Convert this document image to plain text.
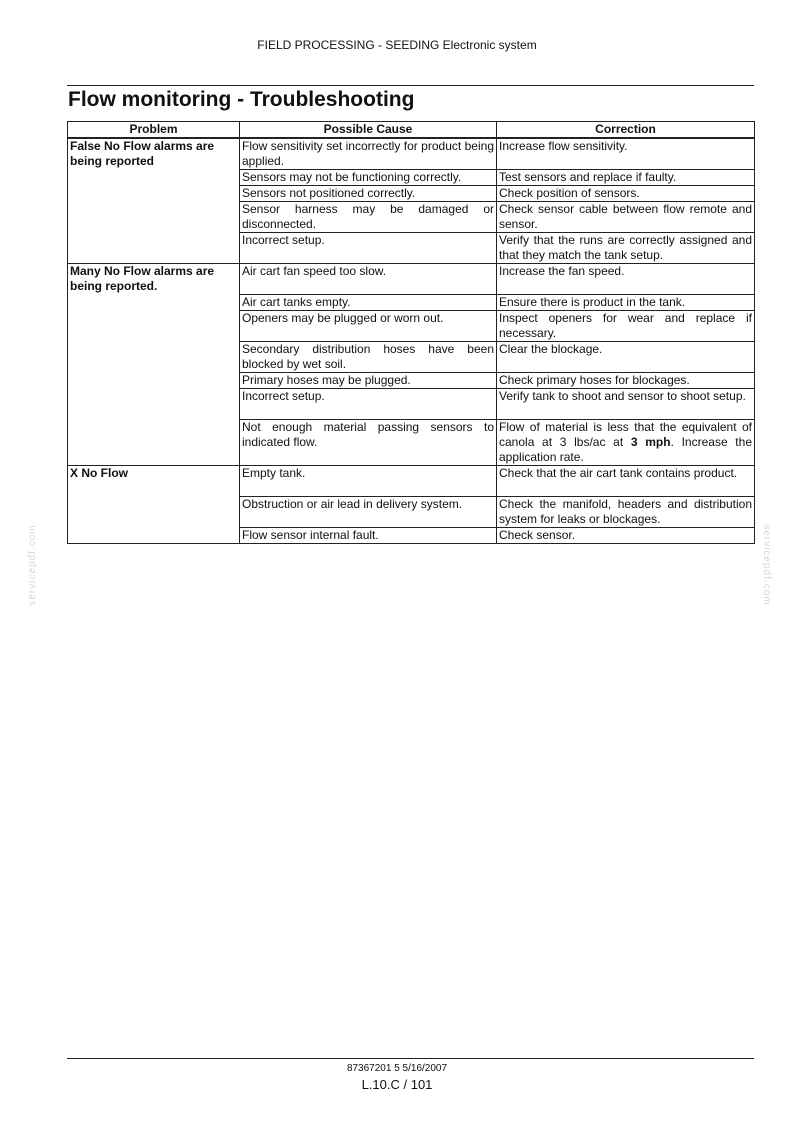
FIELD PROCESSING - SEEDING Electronic system
Flow monitoring - Troubleshooting
Problem	Possible Cause	Correction
False No Flow alarms are being reported	Flow sensitivity set incorrectly for product being applied.	Increase flow sensitivity.
	Sensors may not be functioning correctly.	Test sensors and replace if faulty.
	Sensors not positioned correctly.	Check position of sensors.
	Sensor harness may be damaged or disconnected.	Check sensor cable between flow remote and sensor.
	Incorrect setup.	Verify that the runs are correctly assigned and that they match the tank setup.
Many No Flow alarms are being reported.	Air cart fan speed too slow.	Increase the fan speed.
	Air cart tanks empty.	Ensure there is product in the tank.
	Openers may be plugged or worn out.	Inspect openers for wear and replace if necessary.
	Secondary distribution hoses have been blocked by wet soil.	Clear the blockage.
	Primary hoses may be plugged.	Check primary hoses for blockages.
	Incorrect setup.	Verify tank to shoot and sensor to shoot setup.
	Not enough material passing sensors to indicated flow.	Flow of material is less that the equivalent of canola at 3 lbs/ac at 3 mph. Increase the application rate.
X No Flow	Empty tank.	Check that the air cart tank contains product.
	Obstruction or air lead in delivery system.	Check the manifold, headers and distribution system for leaks or blockages.
	Flow sensor internal fault.	Check sensor.
servicepdf.com	servicepdf.com
87367201 5 5/16/2007
L.10.C / 101
